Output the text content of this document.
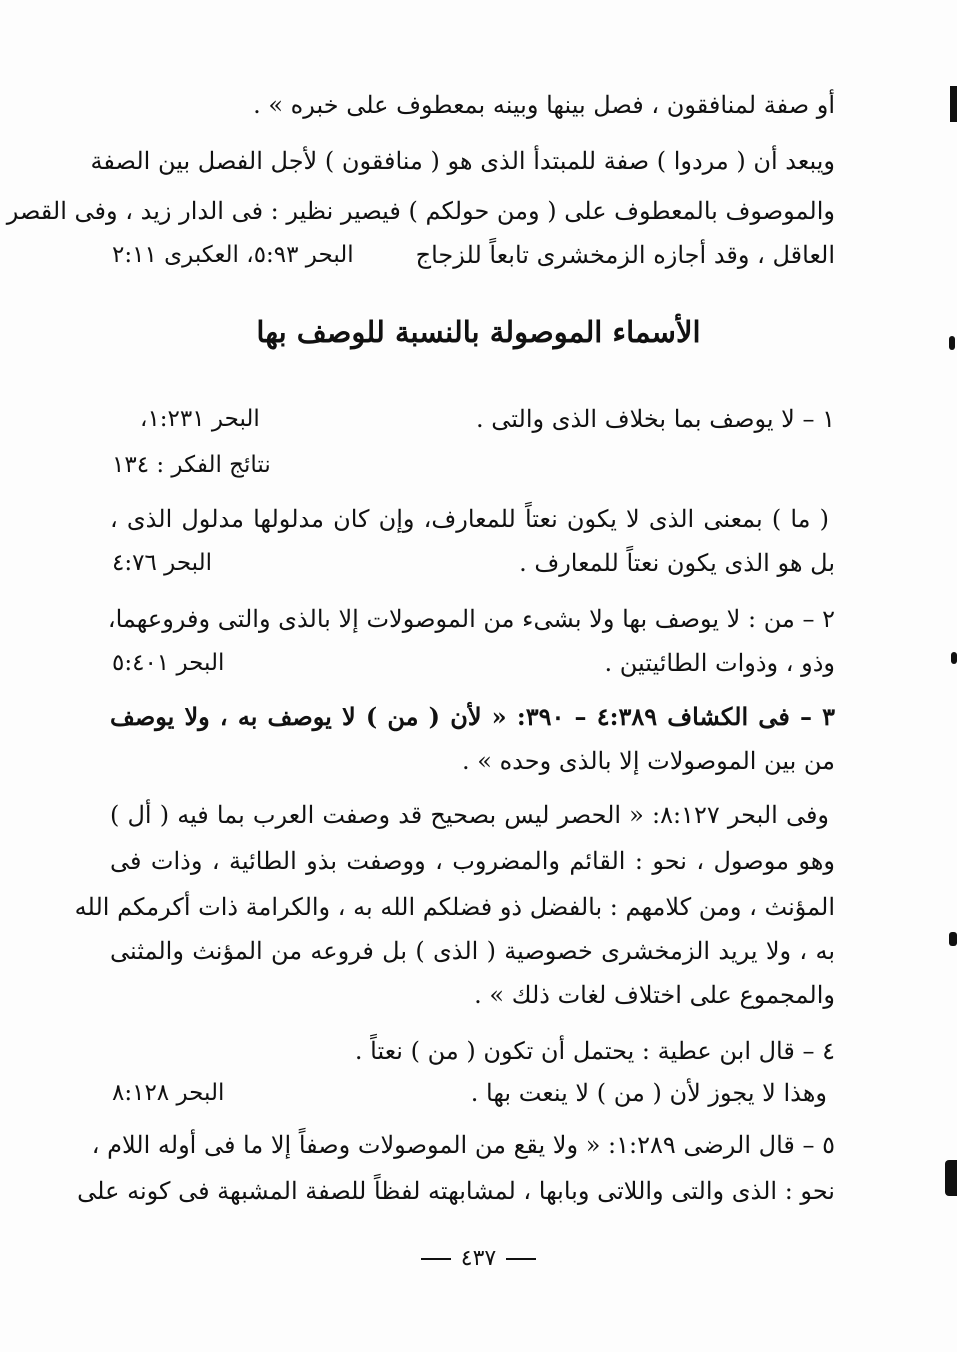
أو صفة لمنافقون ، فصل بينها وبينه بمعطوف على خبره » .
ويبعد أن ( مردوا ) صفة للمبتدأ الذى هو ( منافقون ) لأجل الفصل بين الصفة
والموصوف بالمعطوف على ( ومن حولكم ) فيصير نظير : فى الدار زيد ، وفى القصر
العاقل ، وقد أجازه الزمخشرى تابعاً للزجاج
البحر ٥:٩٣، العكبرى ٢:١١
الأسماء الموصولة بالنسبة للوصف بها
١ – لا يوصف بما بخلاف الذى والتى .
البحر ١:٢٣١،
نتائج الفكر : ١٣٤
( ما ) بمعنى الذى لا يكون نعتاً للمعارف، وإن كان مدلولها مدلول الذى ،
بل هو الذى يكون نعتاً للمعارف .
البحر ٤:٧٦
٢ – من : لا يوصف بها ولا بشىء من الموصولات إلا بالذى والتى وفروعهما،
وذو ، وذوات الطائيتين .
البحر ٥:٤٠١
٣ – فى الكشاف ٤:٣٨٩ – ٣٩٠: « لأن ( من ) لا يوصف به ، ولا يوصف
من بين الموصولات إلا بالذى وحده » .
وفى البحر ٨:١٢٧: « الحصر ليس بصحيح قد وصفت العرب بما فيه ( أل )
وهو موصول ، نحو : القائم والمضروب ، ووصفت بذو الطائية ، وذات فى
المؤنث ، ومن كلامهم : بالفضل ذو فضلكم الله به ، والكرامة ذات أكرمكم الله
به ، ولا يريد الزمخشرى خصوصية ( الذى ) بل فروعه من المؤنث والمثنى
والمجموع على اختلاف لغات ذلك » .
٤ – قال ابن عطية : يحتمل أن تكون ( من ) نعتاً .
وهذا لا يجوز لأن ( من ) لا ينعت بها .
البحر ٨:١٢٨
٥ – قال الرضى ١:٢٨٩: « ولا يقع من الموصولات وصفاً إلا ما فى أوله اللام ،
نحو : الذى والتى واللاتى وبابها ، لمشابهته لفظاً للصفة المشبهة فى كونه على
٤٣٧
